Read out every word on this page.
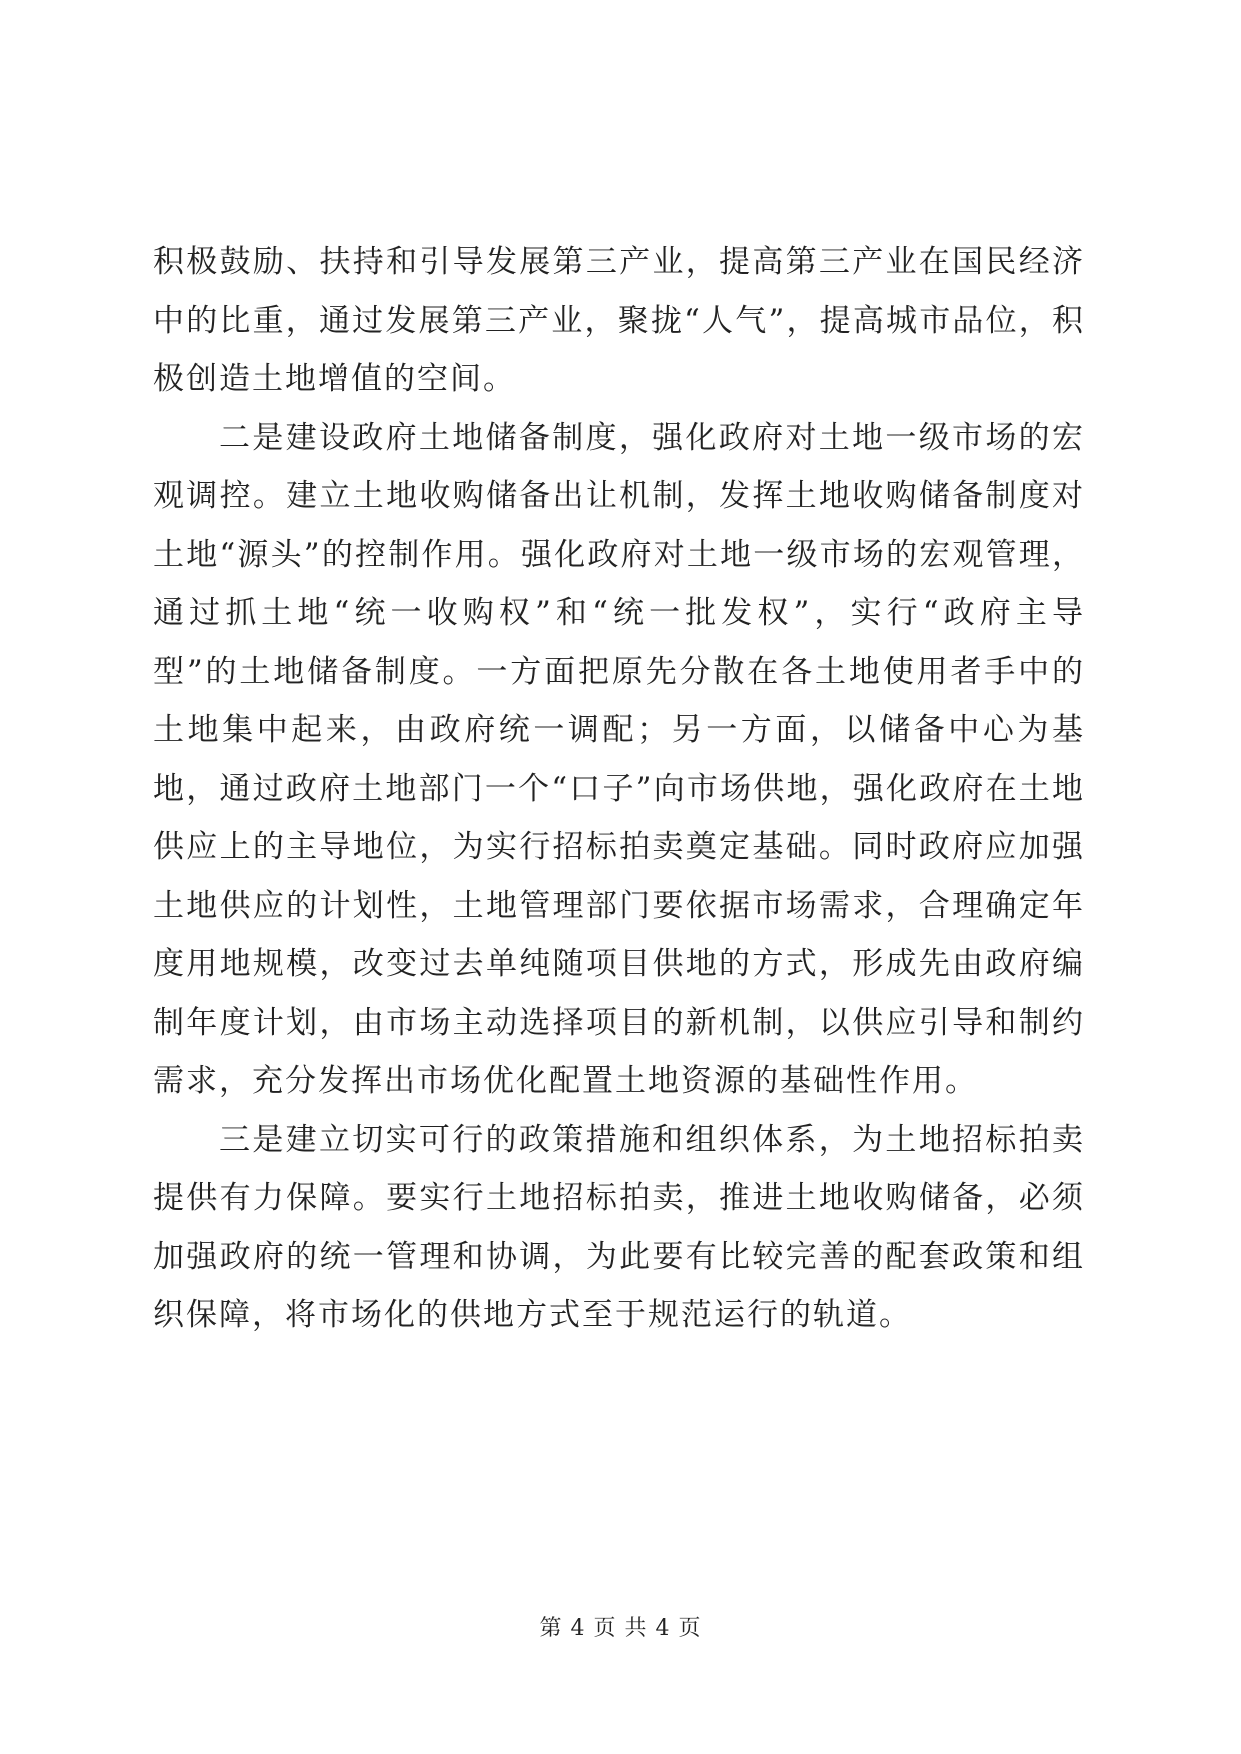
积极鼓励、扶持和引导发展第三产业，提高第三产业在国民经济中的比重，通过发展第三产业，聚拢“人气”，提高城市品位，积极创造土地增值的空间。

二是建设政府土地储备制度，强化政府对土地一级市场的宏观调控。建立土地收购储备出让机制，发挥土地收购储备制度对土地“源头”的控制作用。强化政府对土地一级市场的宏观管理，通过抓土地“统一收购权”和“统一批发权”，实行“政府主导型”的土地储备制度。一方面把原先分散在各土地使用者手中的土地集中起来，由政府统一调配；另一方面，以储备中心为基地，通过政府土地部门一个“口子”向市场供地，强化政府在土地供应上的主导地位，为实行招标拍卖奠定基础。同时政府应加强土地供应的计划性，土地管理部门要依据市场需求，合理确定年度用地规模，改变过去单纯随项目供地的方式，形成先由政府编制年度计划，由市场主动选择项目的新机制，以供应引导和制约需求，充分发挥出市场优化配置土地资源的基础性作用。

三是建立切实可行的政策措施和组织体系，为土地招标拍卖提供有力保障。要实行土地招标拍卖，推进土地收购储备，必须加强政府的统一管理和协调，为此要有比较完善的配套政策和组织保障，将市场化的供地方式至于规范运行的轨道。

第 4 页 共 4 页
